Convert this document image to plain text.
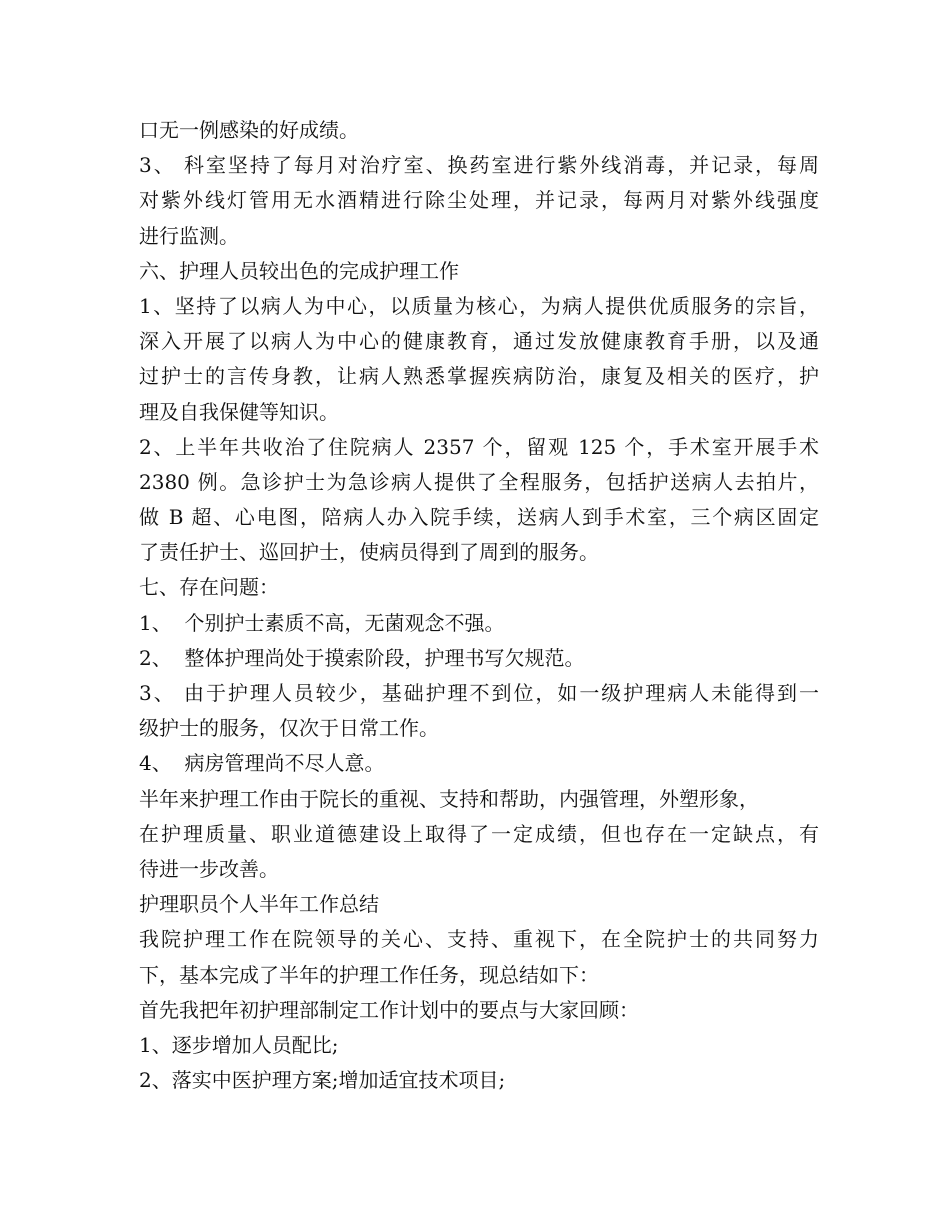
口无一例感染的好成绩。
3、 科室坚持了每月对治疗室、换药室进行紫外线消毒，并记录，每周
对紫外线灯管用无水酒精进行除尘处理，并记录，每两月对紫外线强度
进行监测。
六、护理人员较出色的完成护理工作
1、坚持了以病人为中心，以质量为核心，为病人提供优质服务的宗旨，
深入开展了以病人为中心的健康教育，通过发放健康教育手册，以及通
过护士的言传身教，让病人熟悉掌握疾病防治，康复及相关的医疗，护
理及自我保健等知识。
2、上半年共收治了住院病人 2357 个，留观 125 个，手术室开展手术
2380 例。急诊护士为急诊病人提供了全程服务，包括护送病人去拍片，
做 B 超、心电图，陪病人办入院手续，送病人到手术室，三个病区固定
了责任护士、巡回护士，使病员得到了周到的服务。
七、存在问题：
1、  个别护士素质不高，无菌观念不强。
2、  整体护理尚处于摸索阶段，护理书写欠规范。
3、 由于护理人员较少，基础护理不到位，如一级护理病人未能得到一
级护士的服务，仅次于日常工作。
4、  病房管理尚不尽人意。
半年来护理工作由于院长的重视、支持和帮助，内强管理，外塑形象，
在护理质量、职业道德建设上取得了一定成绩，但也存在一定缺点，有
待进一步改善。
护理职员个人半年工作总结
我院护理工作在院领导的关心、支持、重视下，在全院护士的共同努力
下，基本完成了半年的护理工作任务，现总结如下：
首先我把年初护理部制定工作计划中的要点与大家回顾：
1、逐步增加人员配比;
2、落实中医护理方案;增加适宜技术项目;
